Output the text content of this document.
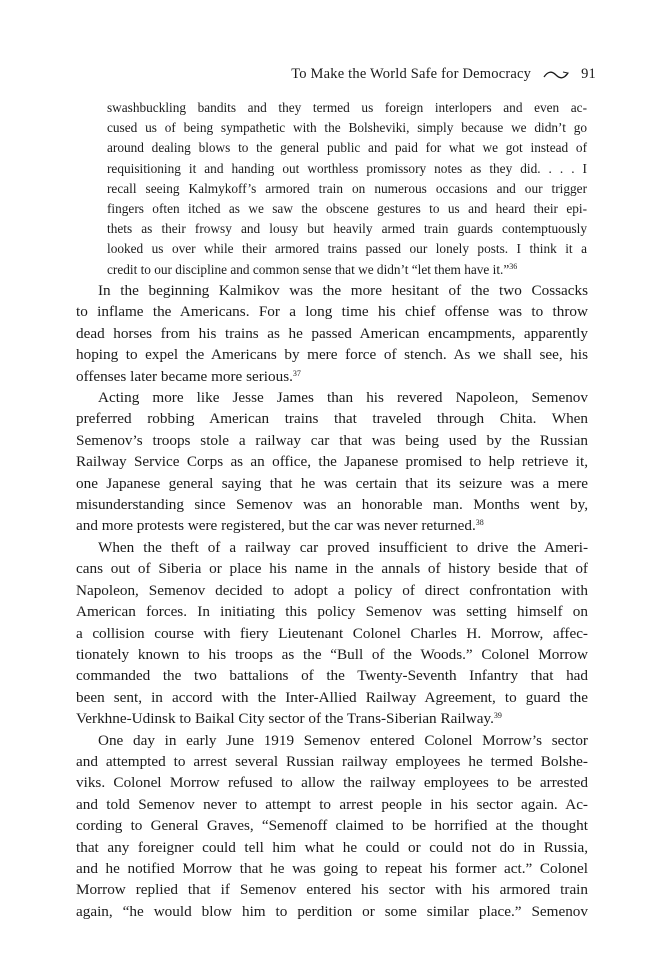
To Make the World Safe for Democracy	91
swashbuckling bandits and they termed us foreign interlopers and even ac-
cused us of being sympathetic with the Bolsheviki, simply because we didn’t go
around dealing blows to the general public and paid for what we got instead of
requisitioning it and handing out worthless promissory notes as they did. . . . I
recall seeing Kalmykoff’s armored train on numerous occasions and our trigger
fingers often itched as we saw the obscene gestures to us and heard their epi-
thets as their frowsy and lousy but heavily armed train guards contemptuously
looked us over while their armored trains passed our lonely posts. I think it a
credit to our discipline and common sense that we didn’t “let them have it.”$^{36}$
In the beginning Kalmikov was the more hesitant of the two Cossacks
to inflame the Americans. For a long time his chief offense was to throw
dead horses from his trains as he passed American encampments, apparently
hoping to expel the Americans by mere force of stench. As we shall see, his
offenses later became more serious.$^{37}$
Acting more like Jesse James than his revered Napoleon, Semenov
preferred robbing American trains that traveled through Chita. When
Semenov’s troops stole a railway car that was being used by the Russian
Railway Service Corps as an office, the Japanese promised to help retrieve it,
one Japanese general saying that he was certain that its seizure was a mere
misunderstanding since Semenov was an honorable man. Months went by,
and more protests were registered, but the car was never returned.$^{38}$
When the theft of a railway car proved insufficient to drive the Ameri-
cans out of Siberia or place his name in the annals of history beside that of
Napoleon, Semenov decided to adopt a policy of direct confrontation with
American forces. In initiating this policy Semenov was setting himself on
a collision course with fiery Lieutenant Colonel Charles H. Morrow, affec-
tionately known to his troops as the “Bull of the Woods.” Colonel Morrow
commanded the two battalions of the Twenty-Seventh Infantry that had
been sent, in accord with the Inter-Allied Railway Agreement, to guard the
Verkhne-Udinsk to Baikal City sector of the Trans-Siberian Railway.$^{39}$
One day in early June 1919 Semenov entered Colonel Morrow’s sector
and attempted to arrest several Russian railway employees he termed Bolshe-
viks. Colonel Morrow refused to allow the railway employees to be arrested
and told Semenov never to attempt to arrest people in his sector again. Ac-
cording to General Graves, “Semenoff claimed to be horrified at the thought
that any foreigner could tell him what he could or could not do in Russia,
and he notified Morrow that he was going to repeat his former act.” Colonel
Morrow replied that if Semenov entered his sector with his armored train
again, “he would blow him to perdition or some similar place.” Semenov
